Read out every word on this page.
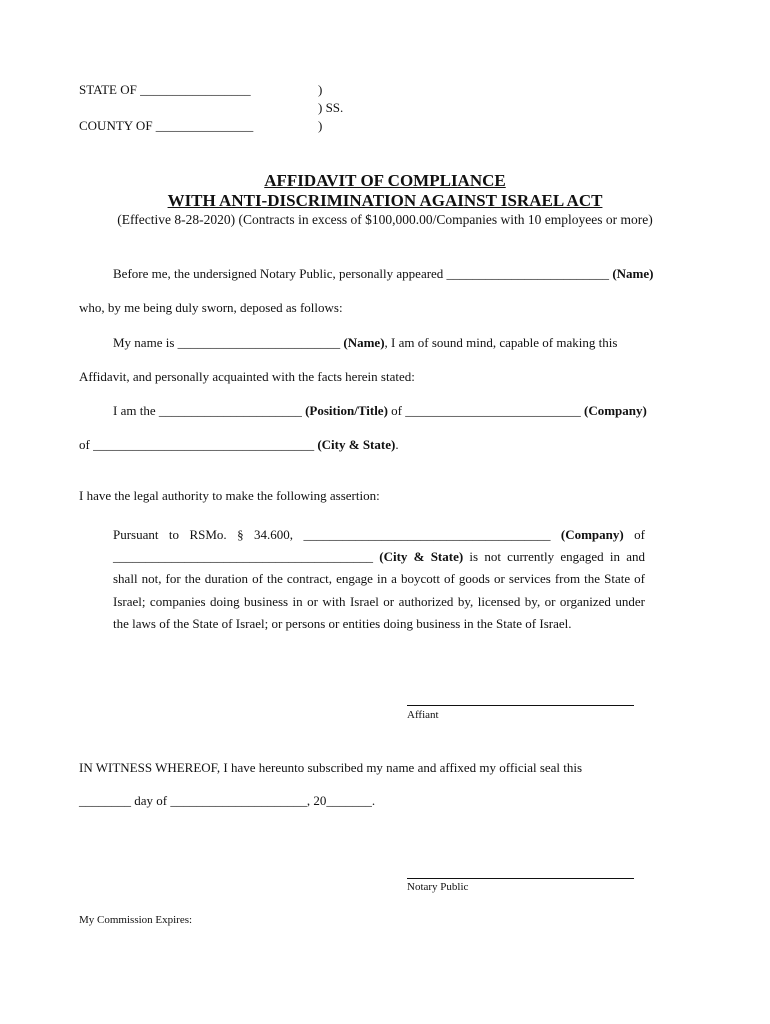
STATE OF _________________
COUNTY OF _______________
)
) SS.
)
AFFIDAVIT OF COMPLIANCE
WITH ANTI-DISCRIMINATION AGAINST ISRAEL ACT
(Effective 8-28-2020) (Contracts in excess of $100,000.00/Companies with 10 employees or more)
Before me, the undersigned Notary Public, personally appeared _________________________ (Name)
who, by me being duly sworn, deposed as follows:
My name is _________________________ (Name), I am of sound mind, capable of making this
Affidavit, and personally acquainted with the facts herein stated:
I am the ______________________ (Position/Title) of ___________________________ (Company)
of __________________________________ (City & State).
I have the legal authority to make the following assertion:
Pursuant to RSMo. § 34.600, ______________________________________ (Company) of ________________________________________ (City & State) is not currently engaged in and shall not, for the duration of the contract, engage in a boycott of goods or services from the State of Israel; companies doing business in or with Israel or authorized by, licensed by, or organized under the laws of the State of Israel; or persons or entities doing business in the State of Israel.
Affiant
IN WITNESS WHEREOF, I have hereunto subscribed my name and affixed my official seal this
________ day of _____________________, 20_______.
Notary Public
My Commission Expires:
